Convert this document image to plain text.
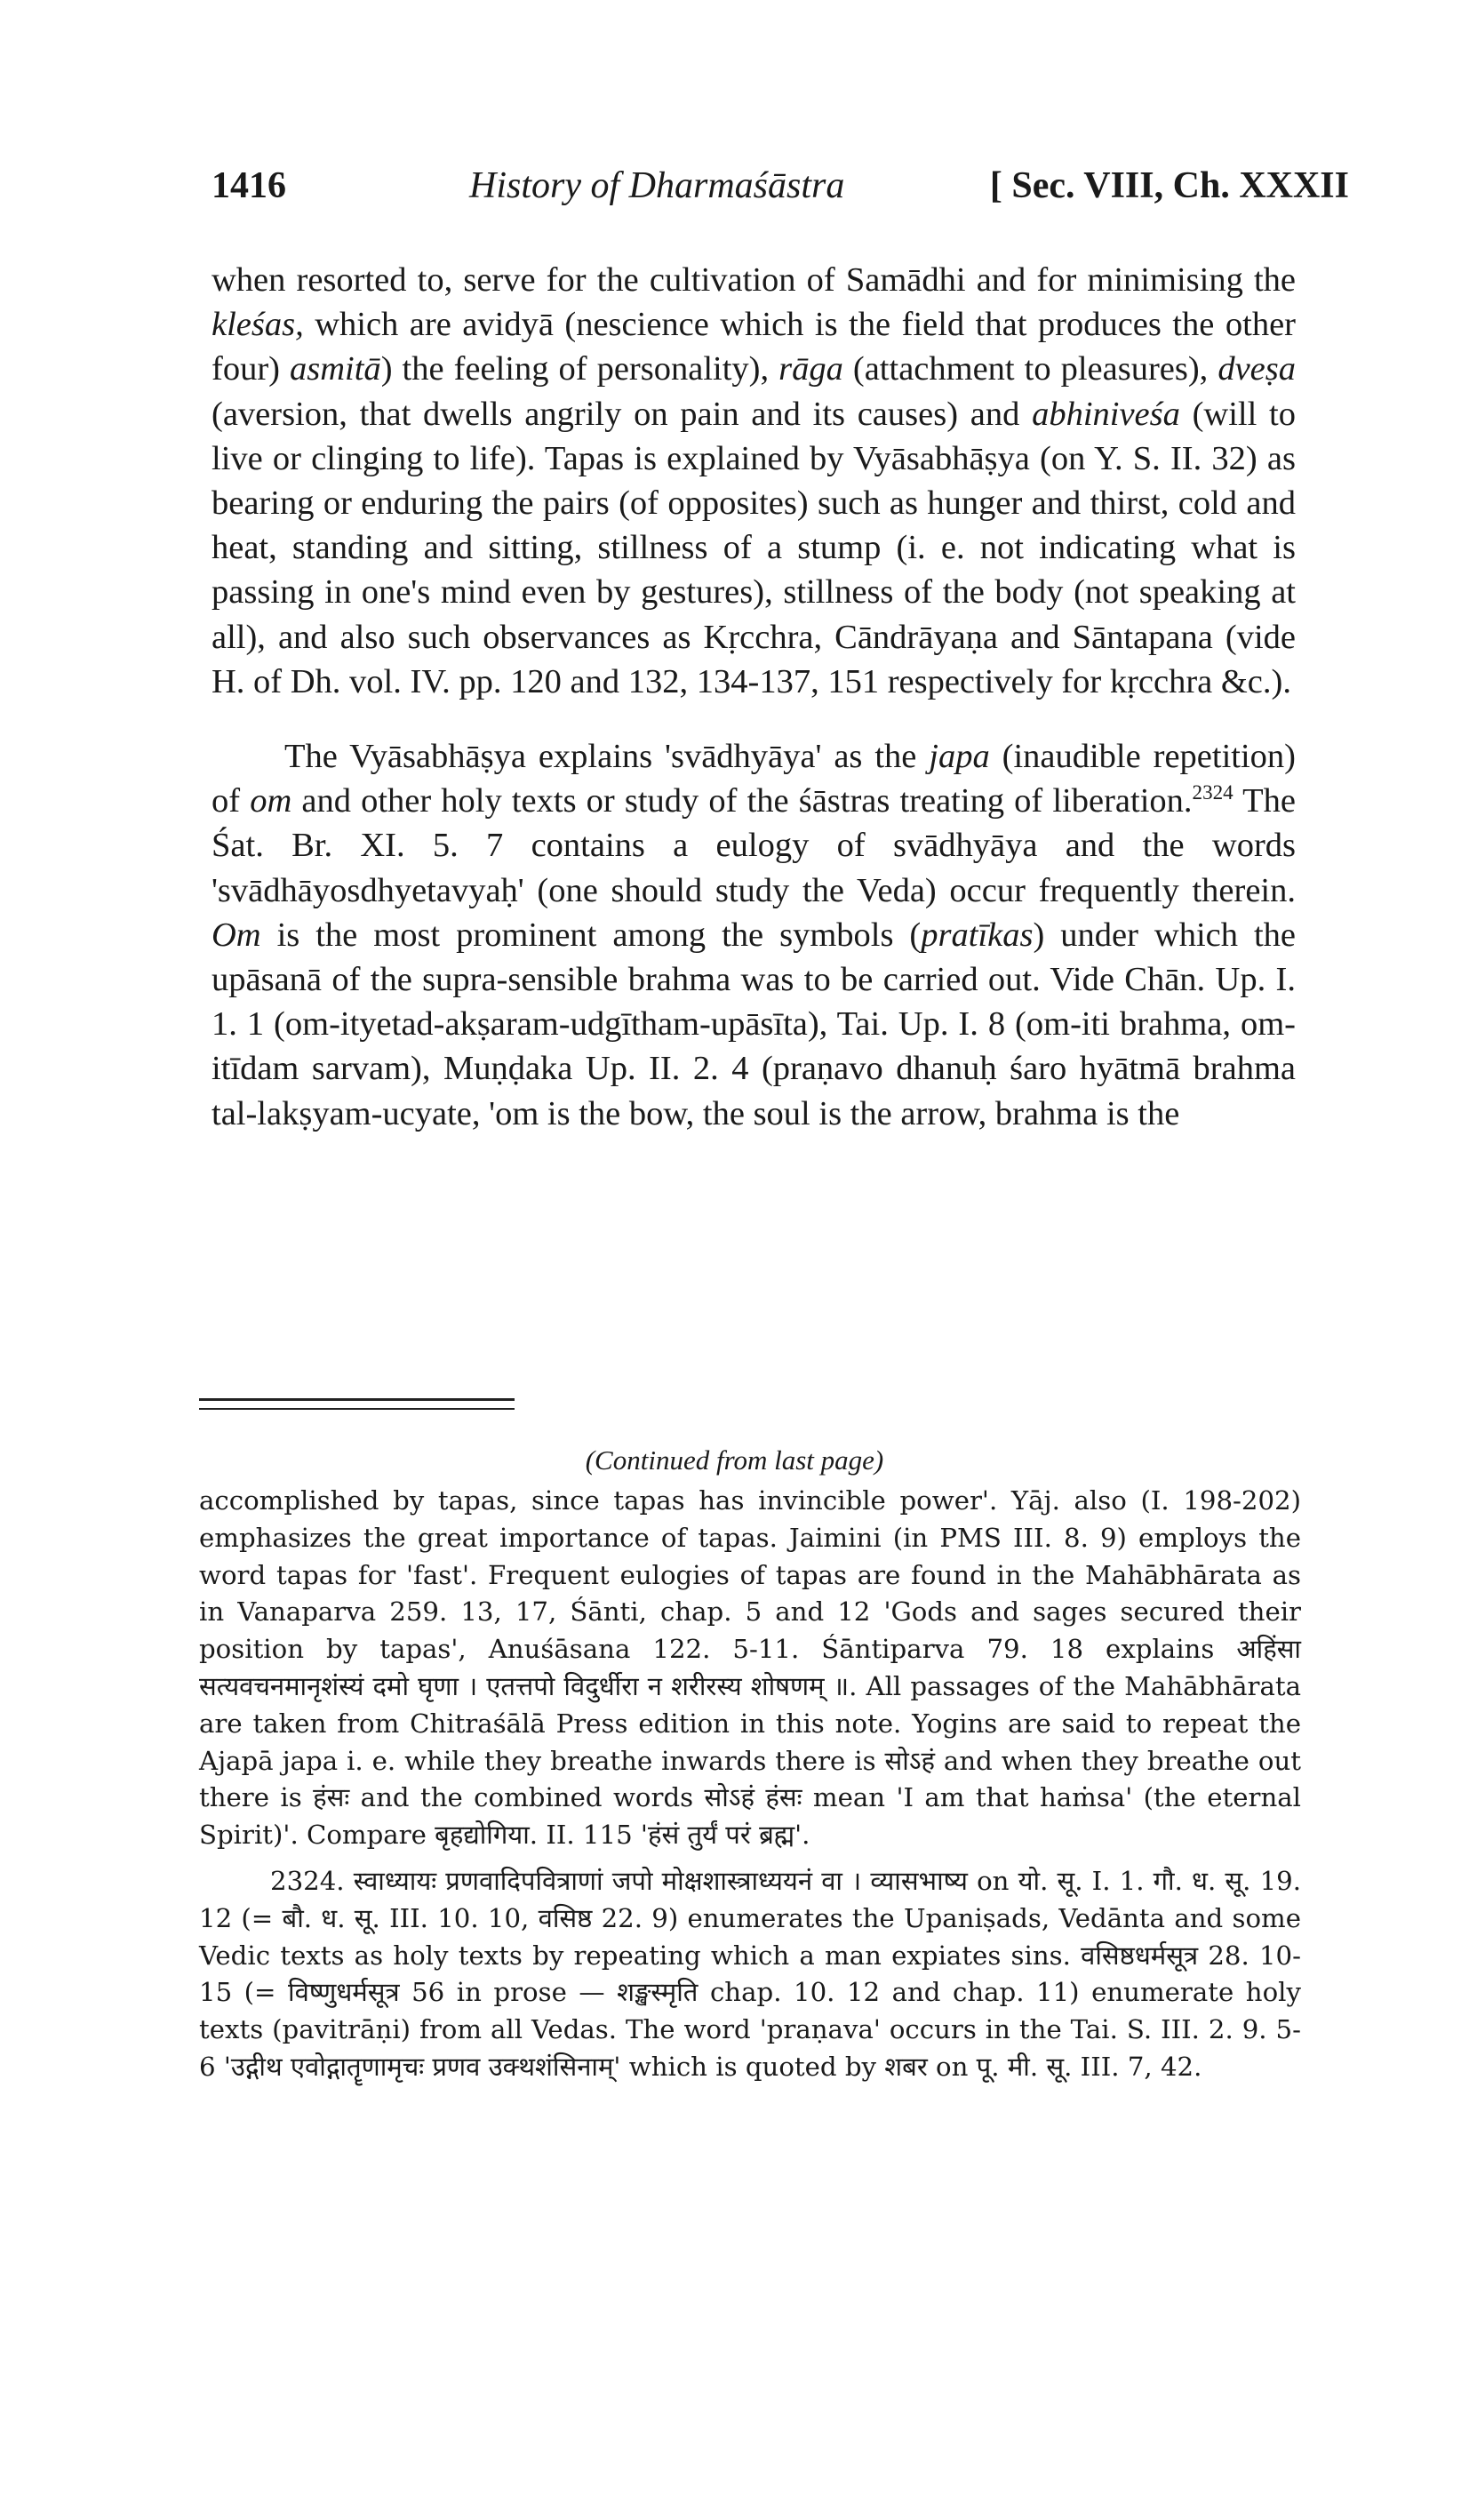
1416	History of Dharmaśāstra	[ Sec. VIII, Ch. XXXII

when resorted to, serve for the cultivation of Samādhi and for minimising the kleśas, which are avidyā (nescience which is the field that produces the other four) asmitā) the feeling of personality), rāga (attachment to pleasures), dveṣa (aversion, that dwells angrily on pain and its causes) and abhiniveśa (will to live or clinging to life). Tapas is explained by Vyāsabhāṣya (on Y. S. II. 32) as bearing or enduring the pairs (of opposites) such as hunger and thirst, cold and heat, standing and sitting, stillness of a stump (i. e. not indicating what is passing in one's mind even by gestures), stillness of the body (not speaking at all), and also such observances as Kṛcchra, Cāndrāyaṇa and Sāntapana (vide H. of Dh. vol. IV. pp. 120 and 132, 134-137, 151 respectively for kṛcchra &c.).

The Vyāsabhāṣya explains 'svādhyāya' as the japa (inaudible repetition) of om and other holy texts or study of the śāstras treating of liberation.$^{2324}$ The Śat. Br. XI. 5. 7 contains a eulogy of svādhyāya and the words 'svādhāyosdhyetavyaḥ' (one should study the Veda) occur frequently therein. Om is the most prominent among the symbols (pratīkas) under which the upāsanā of the supra-sensible brahma was to be carried out. Vide Chān. Up. I. 1. 1 (om-ityetad-akṣaram-udgītham-upāsīta), Tai. Up. I. 8 (om-iti brahma, om-itīdam sarvam), Muṇḍaka Up. II. 2. 4 (praṇavo dhanuḥ śaro hyātmā brahma tal-lakṣyam-ucyate, 'om is the bow, the soul is the arrow, brahma is the

(Continued from last page)

accomplished by tapas, since tapas has invincible power'. Yāj. also (I. 198-202) emphasizes the great importance of tapas. Jaimini (in PMS III. 8. 9) employs the word tapas for 'fast'. Frequent eulogies of tapas are found in the Mahābhārata as in Vanaparva 259. 13, 17, Śānti, chap. 5 and 12 'Gods and sages secured their position by tapas', Anuśāsana 122. 5-11. Śāntiparva 79. 18 explains अहिंसा सत्यवचनमानृशंस्यं दमो घृणा । एतत्तपो विदुर्धीरा न शरीरस्य शोषणम् ॥. All passages of the Mahābhārata are taken from Chitraśālā Press edition in this note. Yogins are said to repeat the Ajapā japa i. e. while they breathe inwards there is सोऽहं and when they breathe out there is हंसः and the combined words सोऽहं हंसः mean 'I am that haṁsa' (the eternal Spirit)'. Compare बृहद्योगिया. II. 115 'हंसं तुर्यं परं ब्रह्म'.

2324. स्वाध्यायः प्रणवादिपवित्राणां जपो मोक्षशास्त्राध्ययनं वा । व्यासभाष्य on यो. सू. I. 1. गौ. ध. सू. 19. 12 (= बौ. ध. सू. III. 10. 10, वसिष्ठ 22. 9) enumerates the Upaniṣads, Vedānta and some Vedic texts as holy texts by repeating which a man expiates sins. वसिष्ठधर्मसूत्र 28. 10-15 (= विष्णुधर्मसूत्र 56 in prose — शङ्खस्मृति chap. 10. 12 and chap. 11) enumerate holy texts (pavitrāṇi) from all Vedas. The word 'praṇava' occurs in the Tai. S. III. 2. 9. 5-6 'उद्गीथ एवोद्गातॄणामृचः प्रणव उक्थशंसिनाम्' which is quoted by शबर on पू. मी. सू. III. 7, 42.
